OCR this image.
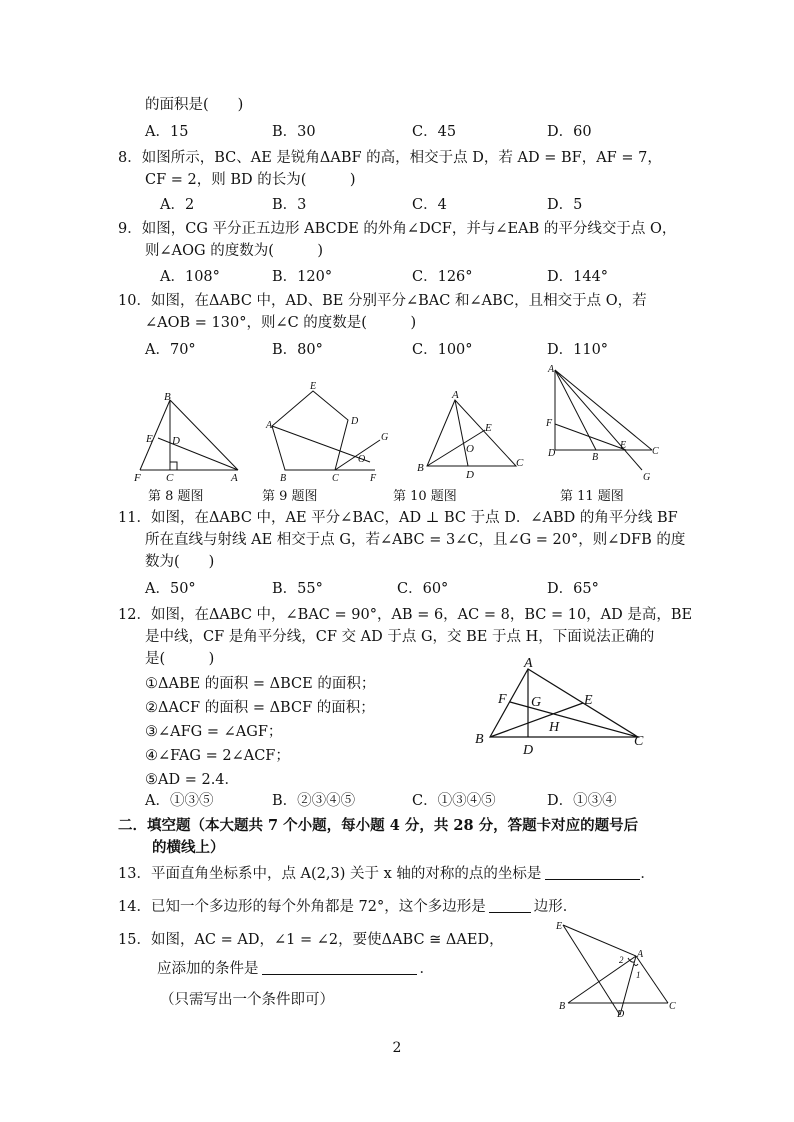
的面积是(　　)
A．15	B．30	C．45	D．60
8．如图所示，BC、AE 是锐角ΔABF 的高，相交于点 D，若 AD = BF，AF = 7，
CF = 2，则 BD 的长为(　　　)
A．2	B．3	C．4	D．5
9．如图，CG 平分正五边形 ABCDE 的外角∠DCF，并与∠EAB 的平分线交于点 O，
则∠AOG 的度数为(　　　)
A．108°	B．120°	C．126°	D．144°
10．如图，在ΔABC 中，AD、BE 分别平分∠BAC 和∠ABC，且相交于点 O，若
∠AOB = 130°，则∠C 的度数是(　　　)
A．70°	B．80°	C．100°	D．110°
B
E D
F C	A
E
A	D
G
O
B	C	F
A
E
O
B
D
C
A
F
D	B
E
C
G
第 8 题图	第 9 题图	第 10 题图	第 11 题图
11．如图，在ΔABC 中，AE 平分∠BAC，AD ⊥ BC 于点 D．∠ABD 的角平分线 BF
所在直线与射线 AE 相交于点 G，若∠ABC = 3∠C，且∠G = 20°，则∠DFB 的度
数为(　　)
A．50°	B．55°	C．60°	D．65°
12．如图，在ΔABC 中，∠BAC = 90°，AB = 6，AC = 8，BC = 10，AD 是高，BE
是中线，CF 是角平分线，CF 交 AD 于点 G，交 BE 于点 H，下面说法正确的
是(　　　)
①ΔABE 的面积 = ΔBCE 的面积；
②ΔACF 的面积 = ΔBCF 的面积；
③∠AFG = ∠AGF；
④∠FAG = 2∠ACF；
⑤AD = 2.4．
A．①③⑤	B．②③④⑤	C．①③④⑤	D．①③④
A
F G	E
H
B
D
C
二．填空题（本大题共 7 个小题，每小题 4 分，共 28 分，答题卡对应的题号后
的横线上）
13．平面直角坐标系中，点 A(2,3) 关于 x 轴的对称的点的坐标是	．
14．已知一个多边形的每个外角都是 72°，这个多边形是	边形．
15．如图，AC = AD，∠1 = ∠2，要使ΔABC ≅ ΔAED，
应添加的条件是	．
（只需写出一个条件即可）
E
A
2
1
B
D
C
2
